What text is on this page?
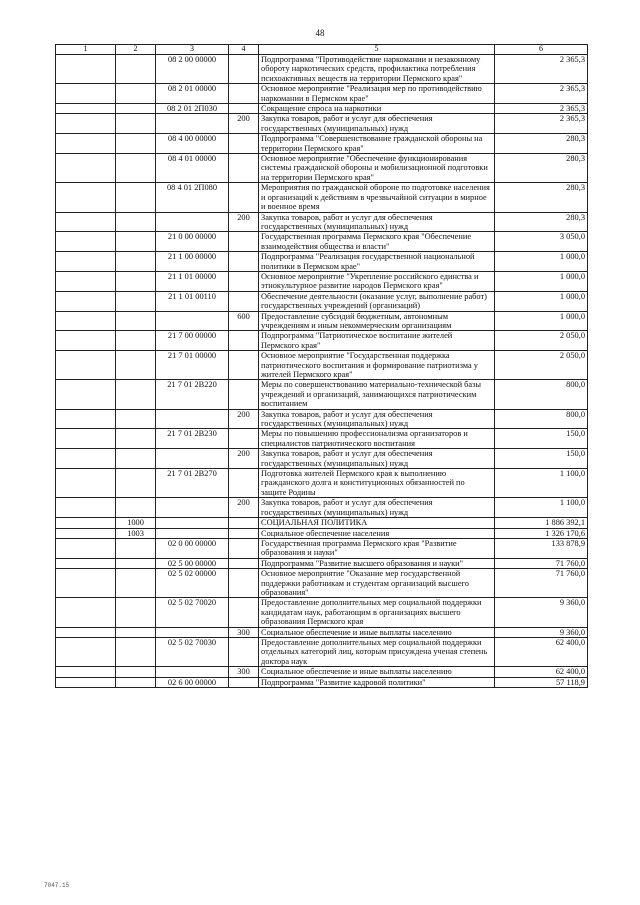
48
1	2	3	4	5	6
		08 2 00 00000		Подпрограмма "Противодействие наркомании и незаконному обороту наркотических средств, профилактика потребления психоактивных веществ на территории Пермского края"	2 365,3
		08 2 01 00000		Основное мероприятие "Реализация мер по противодействию наркомании в Пермском крае"	2 365,3
		08 2 01 2П030		Сокращение спроса на наркотики	2 365,3
			200	Закупка товаров, работ и услуг для обеспечения государственных (муниципальных) нужд	2 365,3
		08 4 00 00000		Подпрограмма "Совершенствование гражданской обороны на территории Пермского края"	280,3
		08 4 01 00000		Основное мероприятие "Обеспечение функционирования системы гражданской обороны и мобилизационной подготовки на территории Пермского края"	280,3
		08 4 01 2П080		Мероприятия по гражданской обороне по подготовке населения и организаций к действиям в чрезвычайной ситуации в мирное и военное время	280,3
			200	Закупка товаров, работ и услуг для обеспечения государственных (муниципальных) нужд	280,3
		21 0 00 00000		Государственная программа Пермского края "Обеспечение взаимодействия общества и власти"	3 050,0
		21 1 00 00000		Подпрограмма "Реализация государственной национальной политики в Пермском крае"	1 000,0
		21 1 01 00000		Основное мероприятие "Укрепление российского единства и этнокультурное развитие народов Пермского края"	1 000,0
		21 1 01 00110		Обеспечение деятельности (оказание услуг, выполнение работ) государственных учреждений (организаций)	1 000,0
			600	Предоставление субсидий бюджетным, автономным учреждениям и иным некоммерческим организациям	1 000,0
		21 7 00 00000		Подпрограмма "Патриотическое воспитание жителей Пермского края"	2 050,0
		21 7 01 00000		Основное мероприятие "Государственная поддержка патриотического воспитания и формирование патриотизма у жителей Пермского края"	2 050,0
		21 7 01 2В220		Меры по совершенствованию материально-технической базы учреждений и организаций, занимающихся патриотическим воспитанием	800,0
			200	Закупка товаров, работ и услуг для обеспечения государственных (муниципальных) нужд	800,0
		21 7 01 2В230		Меры по повышению профессионализма организаторов и специалистов патриотического воспитания	150,0
			200	Закупка товаров, работ и услуг для обеспечения государственных (муниципальных) нужд	150,0
		21 7 01 2В270		Подготовка жителей Пермского края к выполнению гражданского долга и конституционных обязанностей по защите Родины	1 100,0
			200	Закупка товаров, работ и услуг для обеспечения государственных (муниципальных) нужд	1 100,0
	1000			СОЦИАЛЬНАЯ ПОЛИТИКА	1 886 392,1
	1003			Социальное обеспечение населения	1 326 170,6
		02 0 00 00000		Государственная программа Пермского края "Развитие образования и науки"	133 878,9
		02 5 00 00000		Подпрограмма "Развитие высшего образования и науки"	71 760,0
		02 5 02 00000		Основное мероприятие "Оказание мер государственной поддержки работникам и студентам организаций высшего образования"	71 760,0
		02 5 02 70020		Предоставление дополнительных мер социальной поддержки кандидатам наук, работающим в организациях высшего образования Пермского края	9 360,0
			300	Социальное обеспечение и иные выплаты населению	9 360,0
		02 5 02 70030		Предоставление дополнительных мер социальной поддержки отдельных категорий лиц, которым присуждена ученая степень доктора наук	62 400,0
			300	Социальное обеспечение и иные выплаты населению	62 400,0
		02 6 00 00000		Подпрограмма "Развитие кадровой политики"	57 118,9
7047.15
